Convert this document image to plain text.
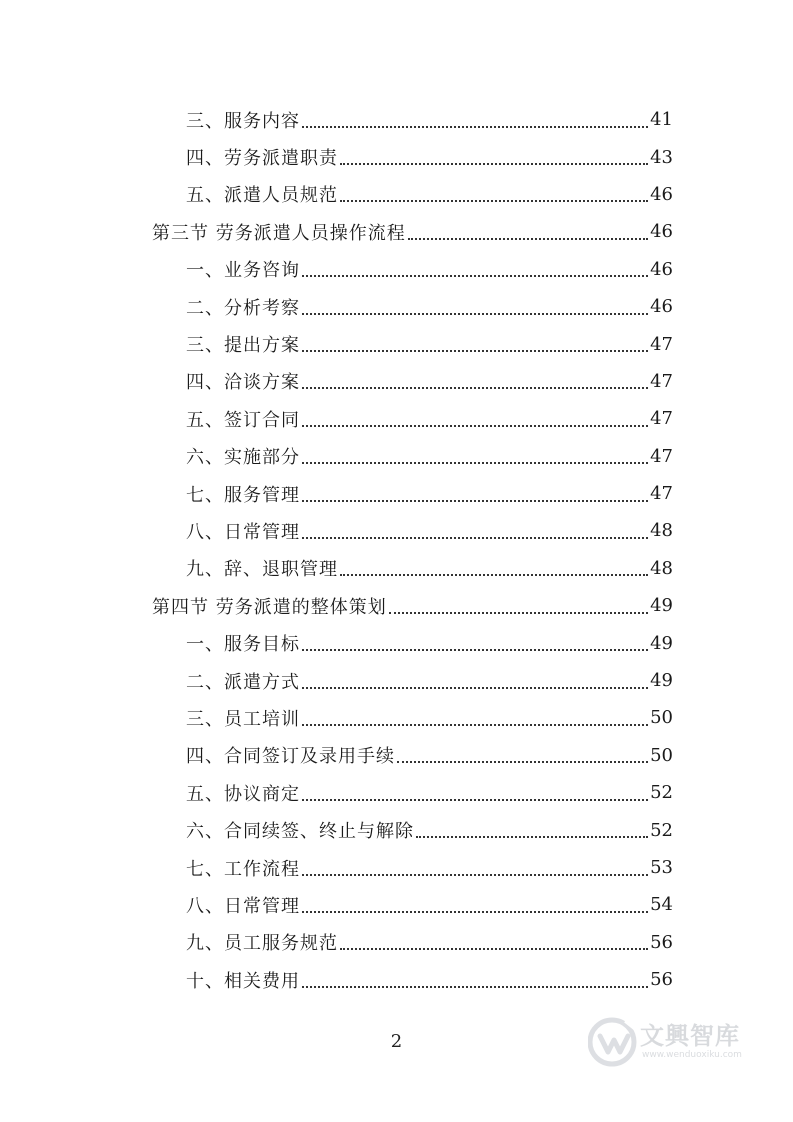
三、服务内容	41
四、劳务派遣职责	43
五、派遣人员规范	46
第三节 劳务派遣人员操作流程	46
一、业务咨询	46
二、分析考察	46
三、提出方案	47
四、洽谈方案	47
五、签订合同	47
六、实施部分	47
七、服务管理	47
八、日常管理	48
九、辞、退职管理	48
第四节 劳务派遣的整体策划	49
一、服务目标	49
二、派遣方式	49
三、员工培训	50
四、合同签订及录用手续	50
五、协议商定	52
六、合同续签、终止与解除	52
七、工作流程	53
八、日常管理	54
九、员工服务规范	56
十、相关费用	56
2	文興智库
www.wenduoxiku.com
